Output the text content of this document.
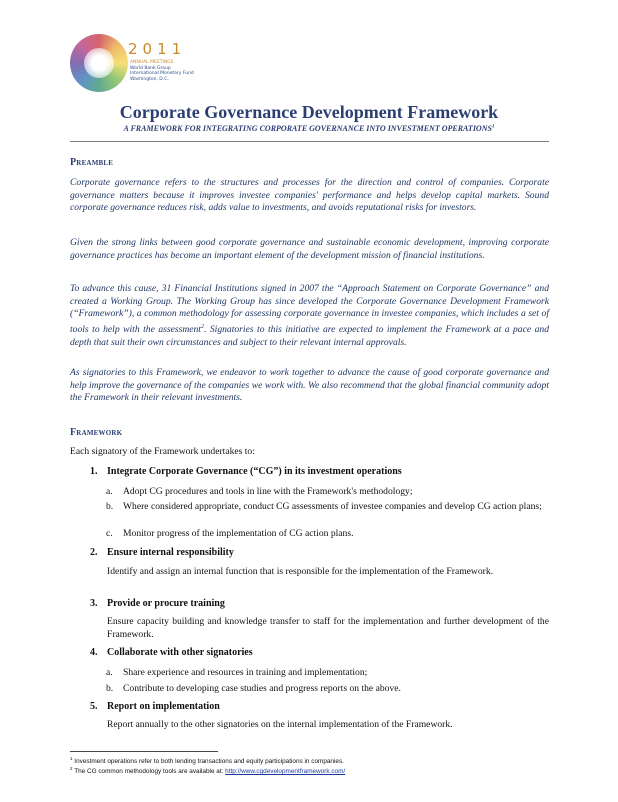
2011
ANNUAL MEETINGS
World Bank Group
International Monetary Fund
Washington, D.C.
Corporate Governance Development Framework
A FRAMEWORK FOR INTEGRATING CORPORATE GOVERNANCE INTO INVESTMENT OPERATIONS$^1$
Preamble

Corporate governance refers to the structures and processes for the direction and control of companies. Corporate governance matters because it improves investee companies' performance and helps develop capital markets. Sound corporate governance reduces risk, adds value to investments, and avoids reputational risks for investors.

Given the strong links between good corporate governance and sustainable economic development, improving corporate governance practices has become an important element of the development mission of financial institutions.

To advance this cause, 31 Financial Institutions signed in 2007 the “Approach Statement on Corporate Governance” and created a Working Group. The Working Group has since developed the Corporate Governance Development Framework (“Framework”), a common methodology for assessing corporate governance in investee companies, which includes a set of tools to help with the assessment$^2$. Signatories to this initiative are expected to implement the Framework at a pace and depth that suit their own circumstances and subject to their relevant internal approvals.

As signatories to this Framework, we endeavor to work together to advance the cause of good corporate governance and help improve the governance of the companies we work with. We also recommend that the global financial community adopt the Framework in their relevant investments.

Framework

Each signatory of the Framework undertakes to:

1. Integrate Corporate Governance (“CG”) in its investment operations
a. Adopt CG procedures and tools in line with the Framework's methodology;
b. Where considered appropriate, conduct CG assessments of investee companies and develop CG action plans;
c. Monitor progress of the implementation of CG action plans.
2. Ensure internal responsibility

Identify and assign an internal function that is responsible for the implementation of the Framework.

3. Provide or procure training

Ensure capacity building and knowledge transfer to staff for the implementation and further development of the Framework.

4. Collaborate with other signatories
a. Share experience and resources in training and implementation;
b. Contribute to developing case studies and progress reports on the above.
5. Report on implementation

Report annually to the other signatories on the internal implementation of the Framework.

$^1$ Investment operations refer to both lending transactions and equity participations in companies.
$^2$ The CG common methodology tools are available at: http://www.cgdevelopmentframework.com/
